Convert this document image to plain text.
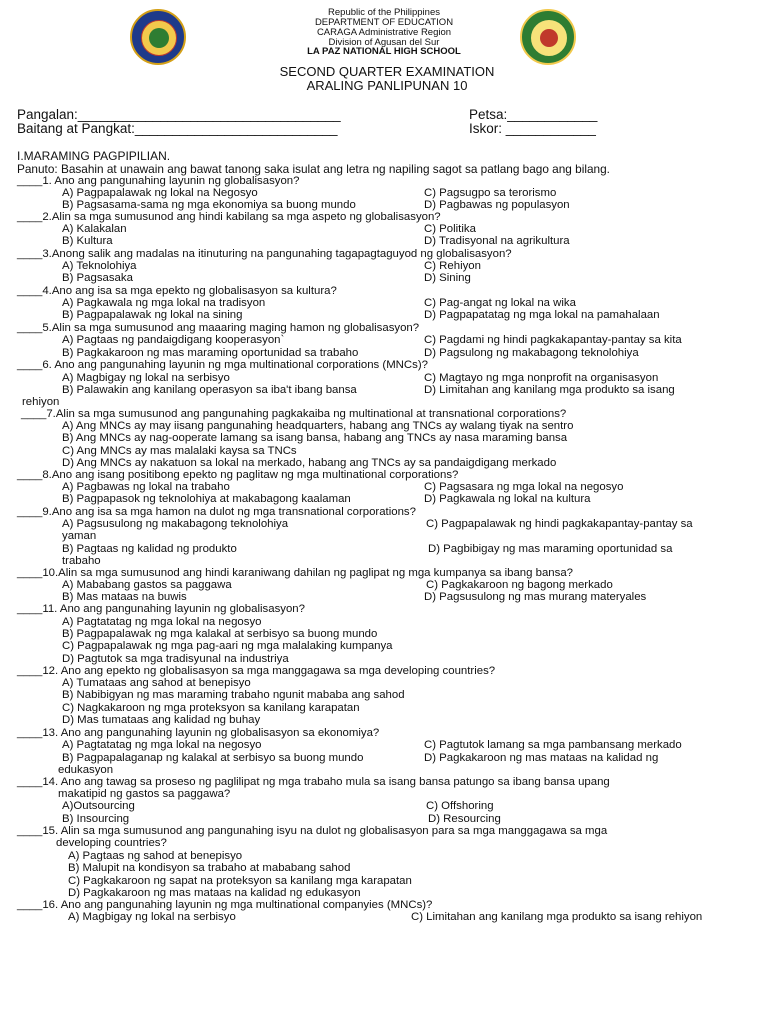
Republic of the Philippines
DEPARTMENT OF EDUCATION
CARAGA Administrative Region
Division of Agusan del Sur
LA PAZ NATIONAL HIGH SCHOOL
SECOND QUARTER EXAMINATION
ARALING PANLIPUNAN 10
Pangalan:___________________________________
Baitang at Pangkat:___________________________
Petsa:____________
Iskor: ____________
I.MARAMING PAGPIPILIAN.
Panuto: Basahin at unawain ang bawat tanong saka isulat ang letra ng napiling sagot sa patlang bago ang bilang.
____1. Ano ang pangunahing layunin ng globalisasyon?
A) Pagpapalawak ng lokal na Negosyo	C) Pagsugpo sa terorismo
B) Pagsasama-sama ng mga ekonomiya sa buong mundo	D) Pagbawas ng populasyon
____2.Alin sa mga sumusunod ang hindi kabilang sa mga aspeto ng globalisasyon?
A) Kalakalan	C) Politika
B) Kultura	D) Tradisyonal na agrikultura
____3.Anong salik ang madalas na itinuturing na pangunahing tagapagtaguyod ng globalisasyon?
A) Teknolohiya	C) Rehiyon
B) Pagsasaka	D) Sining
____4.Ano ang isa sa mga epekto ng globalisasyon sa kultura?
A) Pagkawala ng mga lokal na tradisyon	C) Pag-angat ng lokal na wika
B) Pagpapalawak ng lokal na sining	D) Pagpapatatag ng mga lokal na pamahalaan
____5.Alin sa mga sumusunod ang maaaring maging hamon ng globalisasyon?
A) Pagtaas ng pandaigdigang kooperasyon`	C) Pagdami ng hindi pagkakapantay-pantay sa kita
B) Pagkakaroon ng mas maraming oportunidad sa trabaho	D) Pagsulong ng makabagong teknolohiya
____6. Ano ang pangunahing layunin ng mga multinational corporations (MNCs)?
A) Magbigay ng lokal na serbisyo	C) Magtayo ng mga nonprofit na organisasyon
B) Palawakin ang kanilang operasyon sa iba't ibang bansa	D) Limitahan ang kanilang mga produkto sa isang
rehiyon
____7.Alin sa mga sumusunod ang pangunahing pagkakaiba ng multinational at transnational corporations?
A) Ang MNCs ay may iisang pangunahing headquarters, habang ang TNCs ay walang tiyak na sentro
B) Ang MNCs ay nag-ooperate lamang sa isang bansa, habang ang TNCs ay nasa maraming bansa
C) Ang MNCs ay mas malalaki kaysa sa TNCs
D) Ang MNCs ay nakatuon sa lokal na merkado, habang ang TNCs ay sa pandaigdigang merkado
____8.Ano ang isang positibong epekto ng paglitaw ng mga multinational corporations?
A) Pagbawas ng lokal na trabaho	C) Pagsasara ng mga lokal na negosyo
B) Pagpapasok ng teknolohiya at makabagong kaalaman	D) Pagkawala ng lokal na kultura
____9.Ano ang isa sa mga hamon na dulot ng mga transnational corporations?
A) Pagsusulong ng makabagong teknolohiya	C) Pagpapalawak ng hindi pagkakapantay-pantay sa
yaman
B) Pagtaas ng kalidad ng produkto	D) Pagbibigay ng mas maraming oportunidad sa
trabaho
____10.Alin sa mga sumusunod ang hindi karaniwang dahilan ng paglipat ng mga kumpanya sa ibang bansa?
A) Mababang gastos sa paggawa	C) Pagkakaroon ng bagong merkado
B) Mas mataas na buwis	D) Pagsusulong ng mas murang materyales
____11. Ano ang pangunahing layunin ng globalisasyon?
A) Pagtatatag ng mga lokal na negosyo
B) Pagpapalawak ng mga kalakal at serbisyo sa buong mundo
C) Pagpapalawak ng mga pag-aari ng mga malalaking kumpanya
D) Pagtutok sa mga tradisyunal na industriya
____12. Ano ang epekto ng globalisasyon sa mga manggagawa sa mga developing countries?
A) Tumataas ang sahod at benepisyo
B) Nabibigyan ng mas maraming trabaho ngunit mababa ang sahod
C) Nagkakaroon ng mga proteksyon sa kanilang karapatan
D) Mas tumataas ang kalidad ng buhay
____13. Ano ang pangunahing layunin ng globalisasyon sa ekonomiya?
A) Pagtatatag ng mga lokal na negosyo	C) Pagtutok lamang sa mga pambansang merkado
B) Pagpapalaganap ng kalakal at serbisyo sa buong mundo	D) Pagkakaroon ng mas mataas na kalidad ng
edukasyon
____14. Ano ang tawag sa proseso ng paglilipat ng mga trabaho mula sa isang bansa patungo sa ibang bansa upang
makatipid ng gastos sa paggawa?
A)Outsourcing	C) Offshoring
B) Insourcing	D) Resourcing
____15. Alin sa mga sumusunod ang pangunahing isyu na dulot ng globalisasyon para sa mga manggagawa sa mga
developing countries?
A) Pagtaas ng sahod at benepisyo
B) Malupit na kondisyon sa trabaho at mababang sahod
C) Pagkakaroon ng sapat na proteksyon sa kanilang mga karapatan
D) Pagkakaroon ng mas mataas na kalidad ng edukasyon
____16. Ano ang pangunahing layunin ng mga multinational companyies (MNCs)?
A) Magbigay ng lokal na serbisyo	C) Limitahan ang kanilang mga produkto sa isang rehiyon
